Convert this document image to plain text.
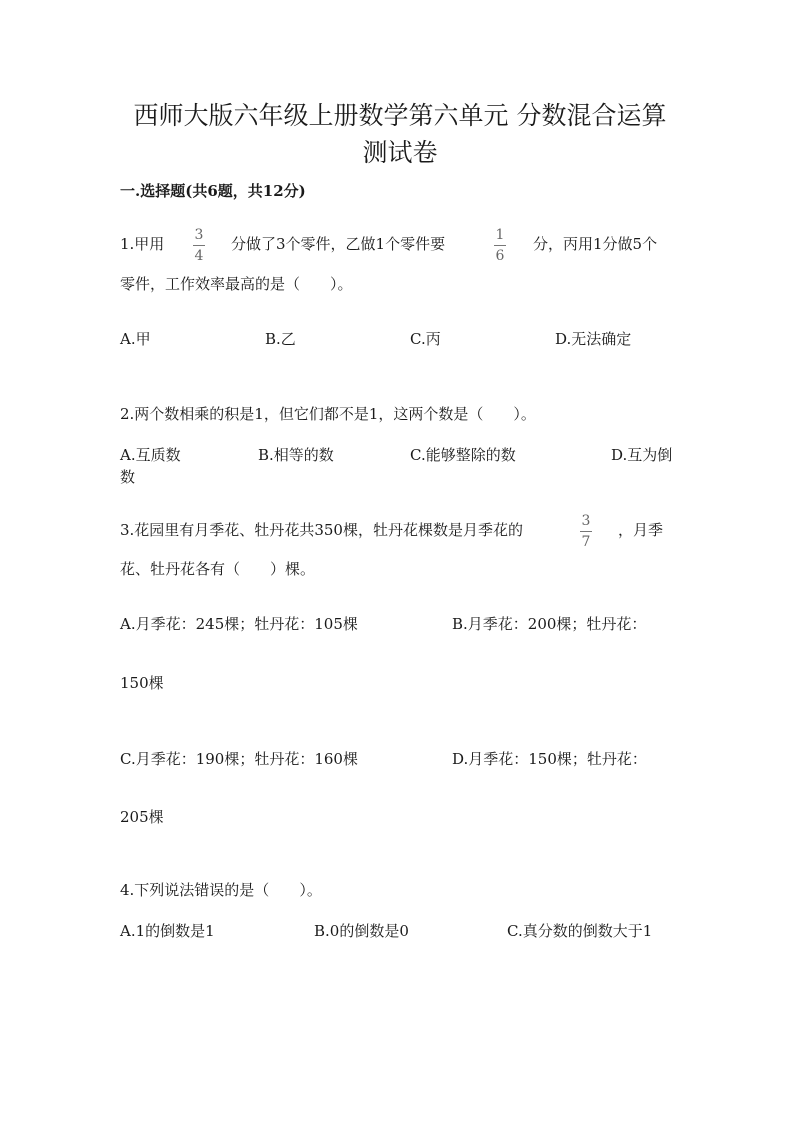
西师大版六年级上册数学第六单元 分数混合运算
测试卷
一.选择题(共6题，共12分)
1.甲用 3
4
分做了3个零件，乙做1个零件要	1
6
分，丙用1分做5个
零件，工作效率最高的是（　　）。
A.甲	B.乙	C.丙	D.无法确定
2.两个数相乘的积是1，但它们都不是1，这两个数是（　　）。
A.互质数	B.相等的数	C.能够整除的数	D.互为倒
数
3.花园里有月季花、牡丹花共350棵，牡丹花棵数是月季花的	3
7
，月季
花、牡丹花各有（　　）棵。
A.月季花：245棵；牡丹花：105棵	B.月季花：200棵；牡丹花：
150棵
C.月季花：190棵；牡丹花：160棵	D.月季花：150棵；牡丹花：
205棵
4.下列说法错误的是（　　）。
A.1的倒数是1	B.0的倒数是0	C.真分数的倒数大于1
